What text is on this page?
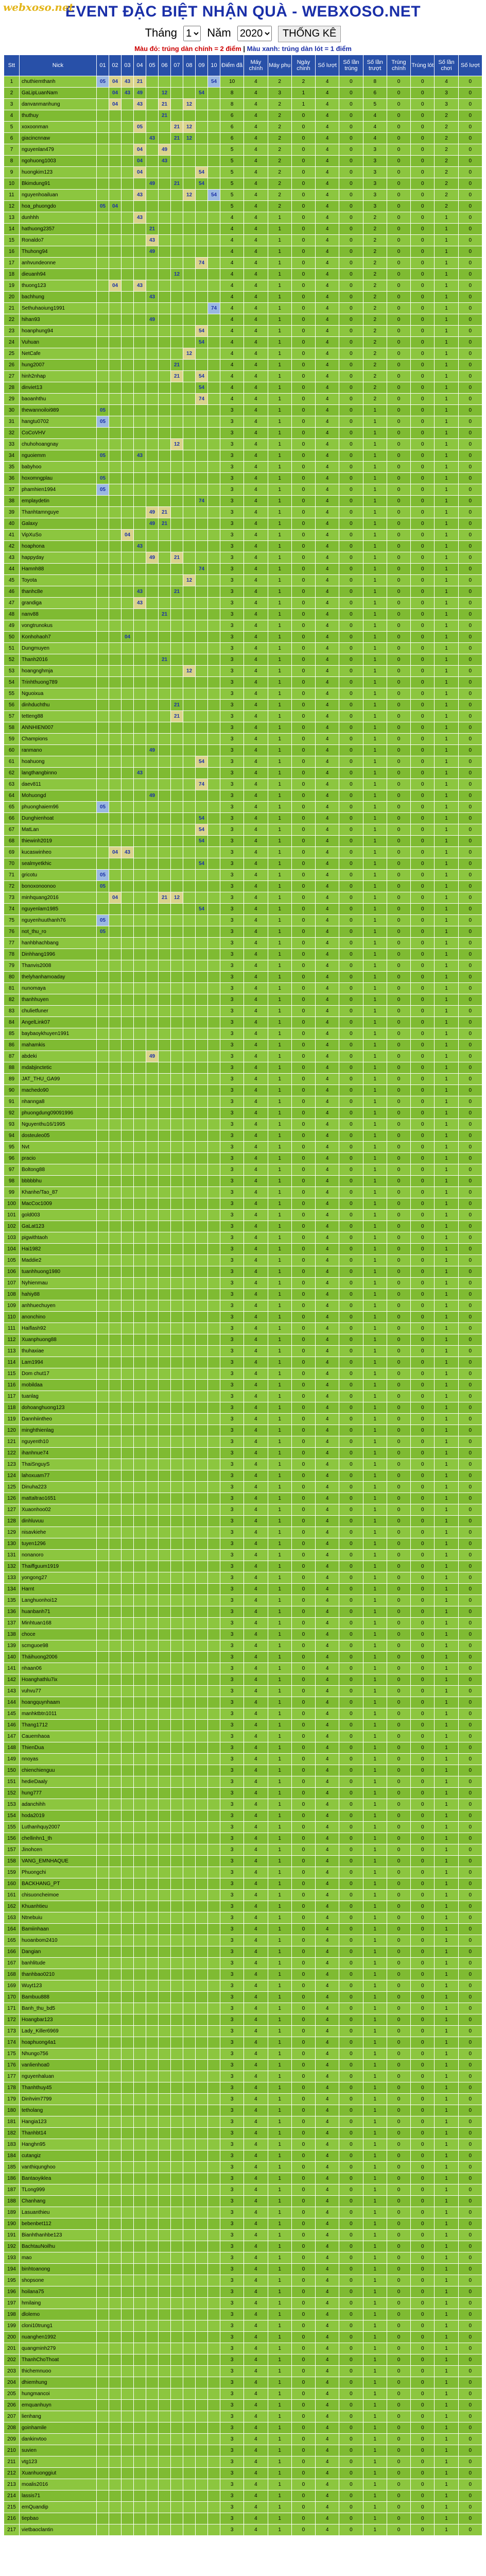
webxoso.net
EVENT ĐẶC BIỆT NHẬN QUÀ - WEBXOSO.NET
Tháng
1	Năm
2020	THỐNG KÊ
Màu đỏ: trúng dàn chính = 2 điểm | Màu xanh: trúng dàn lót = 1 điểm
Stt	Nick	01	02	03	04	05	06	07	08	09	10	Điểm đã	Máy chính	Máy phụ	Ngày chinh	Số lượt	Số lần trúng	Số lần trượt	Trúng chính	Trúng lót	Số lần chơi	Số lượt
1	chuthiemthanh	05	04	43	21						54	10	4	2	2	4	0	8	0	0	4	0
2	GaLipLuanNam		04	43	49		12			54		8	4	3	1	4	0	6	0	0	3	0
3	danvanmanhung		04		43		21		12			8	4	2	1	4	0	5	0	0	3	0
4	thuthuy						21					6	4	2	0	4	0	4	0	0	2	0
5	xoxoonman				05			21	12			6	4	2	0	4	0	4	0	0	2	0
6	giacincnnaw					43		21	12			6	4	2	0	4	0	4	0	0	2	0
7	nguyenlan479				04		49					5	4	2	0	4	0	3	0	0	2	0
8	ngohuong1003				04		43					5	4	2	0	4	0	3	0	0	2	0
9	huongkim123				04					54		5	4	2	0	4	0	3	0	0	2	0
10	Bkimdung91					49		21		54		5	4	2	0	4	0	3	0	0	2	0
11	nguyenhoailuan				43				12		54	5	4	2	0	4	0	3	0	0	2	0
12	hoa_phuongdo	05	04									5	4	2	0	4	0	3	0	0	2	0
13	dunhhh				43							4	4	1	0	4	0	2	0	0	1	0
14	hathuong2357					21						4	4	1	0	4	0	2	0	0	1	0
15	Ronaldo7					43						4	4	1	0	4	0	2	0	0	1	0
16	Thuhong94					49						4	4	1	0	4	0	2	0	0	1	0
17	anhvundeonne									74		4	4	1	0	4	0	2	0	0	1	0
18	dieuanh94							12				4	4	1	0	4	0	2	0	0	1	0
19	thuong123		04		43							4	4	1	0	4	0	2	0	0	1	0
20	bachhung					43						4	4	1	0	4	0	2	0	0	1	0
21	Sethuhaoiung1991										74	4	4	1	0	4	0	2	0	0	1	0
22	hihan93					49						4	4	1	0	4	0	2	0	0	1	0
23	hoanphung94									54		4	4	1	0	4	0	2	0	0	1	0
24	Vuhuan									54		4	4	1	0	4	0	2	0	0	1	0
25	NetCafe								12			4	4	1	0	4	0	2	0	0	1	0
26	hung2007							21				4	4	1	0	4	0	2	0	0	1	0
27	hinh2nhap							21		54		4	4	1	0	4	0	2	0	0	1	0
28	dinviet13									54		4	4	1	0	4	0	2	0	0	1	0
29	baoanhthu									74		4	4	1	0	4	0	2	0	0	1	0
30	thewannoiloi989	05										3	4	1	0	4	0	1	0	0	1	0
31	hangtu0702	05										3	4	1	0	4	0	1	0	0	1	0
32	CoCoVHV											3	4	1	0	4	0	1	0	0	1	0
33	chuhohoangnay							12				3	4	1	0	4	0	1	0	0	1	0
34	nguoiemm	05			43							3	4	1	0	4	0	1	0	0	1	0
35	babyhoo											3	4	1	0	4	0	1	0	0	1	0
36	hoxomngplau	05										3	4	1	0	4	0	1	0	0	1	0
37	phamhien1994	05										3	4	1	0	4	0	1	0	0	1	0
38	emplaydetin									74		3	4	1	0	4	0	1	0	0	1	0
39	Thanhtamnguye					49	21					3	4	1	0	4	0	1	0	0	1	0
40	Galaxy					49	21					3	4	1	0	4	0	1	0	0	1	0
41	VipXuSo			04								3	4	1	0	4	0	1	0	0	1	0
42	hoaphona				43							3	4	1	0	4	0	1	0	0	1	0
43	happyday					49		21				3	4	1	0	4	0	1	0	0	1	0
44	Hamnh88									74		3	4	1	0	4	0	1	0	0	1	0
45	Toyota								12			3	4	1	0	4	0	1	0	0	1	0
46	thanhc8e				43			21				3	4	1	0	4	0	1	0	0	1	0
47	grandiga				43							3	4	1	0	4	0	1	0	0	1	0
48	nanv88						21					3	4	1	0	4	0	1	0	0	1	0
49	vongtrunokus											3	4	1	0	4	0	1	0	0	1	0
50	Konhohaoh7			04								3	4	1	0	4	0	1	0	0	1	0
51	Dungmuyen											3	4	1	0	4	0	1	0	0	1	0
52	Thanh2016						21					3	4	1	0	4	0	1	0	0	1	0
53	hoangnghmja								12			3	4	1	0	4	0	1	0	0	1	0
54	Trinhthuong789											3	4	1	0	4	0	1	0	0	1	0
55	Nguoixua											3	4	1	0	4	0	1	0	0	1	0
56	dinhduchthu							21				3	4	1	0	4	0	1	0	0	1	0
57	tetteng88							21				3	4	1	0	4	0	1	0	0	1	0
58	ANNHIEN007											3	4	1	0	4	0	1	0	0	1	0
59	Champions											3	4	1	0	4	0	1	0	0	1	0
60	ranmano					49						3	4	1	0	4	0	1	0	0	1	0
61	hoahuong									54		3	4	1	0	4	0	1	0	0	1	0
62	langthangbinno				43							3	4	1	0	4	0	1	0	0	1	0
63	daev811									74		3	4	1	0	4	0	1	0	0	1	0
64	Mohuongd					49						3	4	1	0	4	0	1	0	0	1	0
65	phuonghaiem96	05										3	4	1	0	4	0	1	0	0	1	0
66	Dunghienhoat									54		3	4	1	0	4	0	1	0	0	1	0
67	MatLan									54		3	4	1	0	4	0	1	0	0	1	0
68	thiewinh2019									54		3	4	1	0	4	0	1	0	0	1	0
69	kucaswinheo		04	43								3	4	1	0	4	0	1	0	0	1	0
70	sealmyetkhic									54		3	4	1	0	4	0	1	0	0	1	0
71	gricotu	05										3	4	1	0	4	0	1	0	0	1	0
72	bonoxonoonoo	05										3	4	1	0	4	0	1	0	0	1	0
73	minhquang2016		04				21	12				3	4	1	0	4	0	1	0	0	1	0
74	nguyenlam1985									54		3	4	1	0	4	0	1	0	0	1	0
75	nguyenhuuthanh76	05										3	4	1	0	4	0	1	0	0	1	0
76	not_thu_ro	05										3	4	1	0	4	0	1	0	0	1	0
77	hanhbhachbang											3	4	1	0	4	0	1	0	0	1	0
78	Dinhhang1996											3	4	1	0	4	0	1	0	0	1	0
79	Thanvis2008											3	4	1	0	4	0	1	0	0	1	0
80	thelyhanhamoaday											3	4	1	0	4	0	1	0	0	1	0
81	nunomaya											3	4	1	0	4	0	1	0	0	1	0
82	thanhhuyen											3	4	1	0	4	0	1	0	0	1	0
83	chulietfuner											3	4	1	0	4	0	1	0	0	1	0
84	AngelLink07											3	4	1	0	4	0	1	0	0	1	0
85	baybaoykhuyen1991											3	4	1	0	4	0	1	0	0	1	0
86	mahamkis											3	4	1	0	4	0	1	0	0	1	0
87	abdeki					49						3	4	1	0	4	0	1	0	0	1	0
88	mdabjinctetic											3	4	1	0	4	0	1	0	0	1	0
89	JAT_THU_GA99											3	4	1	0	4	0	1	0	0	1	0
90	machedo90											3	4	1	0	4	0	1	0	0	1	0
91	nhannga8											3	4	1	0	4	0	1	0	0	1	0
92	phuongdung09091996											3	4	1	0	4	0	1	0	0	1	0
93	Nguyenthu16/1995											3	4	1	0	4	0	1	0	0	1	0
94	dosteuleo05											3	4	1	0	4	0	1	0	0	1	0
95	Nvt											3	4	1	0	4	0	1	0	0	1	0
96	pracio											3	4	1	0	4	0	1	0	0	1	0
97	Boltong88											3	4	1	0	4	0	1	0	0	1	0
98	bbbbbhu											3	4	1	0	4	0	1	0	0	1	0
99	Khanhe/Tao_87											3	4	1	0	4	0	1	0	0	1	0
100	MacCoc1009											3	4	1	0	4	0	1	0	0	1	0
101	gold003											3	4	1	0	4	0	1	0	0	1	0
102	GaLat123											3	4	1	0	4	0	1	0	0	1	0
103	pigwithtaoh											3	4	1	0	4	0	1	0	0	1	0
104	Hai1982											3	4	1	0	4	0	1	0	0	1	0
105	Maddie2											3	4	1	0	4	0	1	0	0	1	0
106	tuanhhuong1980											3	4	1	0	4	0	1	0	0	1	0
107	Nyhienmau											3	4	1	0	4	0	1	0	0	1	0
108	hahiy88											3	4	1	0	4	0	1	0	0	1	0
109	anhhuechuyen											3	4	1	0	4	0	1	0	0	1	0
110	anonchino											3	4	1	0	4	0	1	0	0	1	0
111	Haiflash92											3	4	1	0	4	0	1	0	0	1	0
112	Xuanphuong88											3	4	1	0	4	0	1	0	0	1	0
113	thuhaxiae											3	4	1	0	4	0	1	0	0	1	0
114	Lam1994											3	4	1	0	4	0	1	0	0	1	0
115	Dom chut17											3	4	1	0	4	0	1	0	0	1	0
116	mobildaa											3	4	1	0	4	0	1	0	0	1	0
117	tuanlag											3	4	1	0	4	0	1	0	0	1	0
118	dohoanghuong123											3	4	1	0	4	0	1	0	0	1	0
119	Dannhiintheo											3	4	1	0	4	0	1	0	0	1	0
120	minghthienlag											3	4	1	0	4	0	1	0	0	1	0
121	nguyenth10											3	4	1	0	4	0	1	0	0	1	0
122	ihanhnue74											3	4	1	0	4	0	1	0	0	1	0
123	ThaiSnguyS											3	4	1	0	4	0	1	0	0	1	0
124	lahoxuam77											3	4	1	0	4	0	1	0	0	1	0
125	Dinuha223											3	4	1	0	4	0	1	0	0	1	0
126	mattaltrao1651											3	4	1	0	4	0	1	0	0	1	0
127	Xuaonhoo02											3	4	1	0	4	0	1	0	0	1	0
128	dinhluvuu											3	4	1	0	4	0	1	0	0	1	0
129	nisavkiehe											3	4	1	0	4	0	1	0	0	1	0
130	tuyen1296											3	4	1	0	4	0	1	0	0	1	0
131	nonanoro											3	4	1	0	4	0	1	0	0	1	0
132	Thaiffguum1919											3	4	1	0	4	0	1	0	0	1	0
133	yongong27											3	4	1	0	4	0	1	0	0	1	0
134	Harnt											3	4	1	0	4	0	1	0	0	1	0
135	Langhuonhoi12											3	4	1	0	4	0	1	0	0	1	0
136	huanbanh71											3	4	1	0	4	0	1	0	0	1	0
137	Minhtuan168											3	4	1	0	4	0	1	0	0	1	0
138	choce											3	4	1	0	4	0	1	0	0	1	0
139	scmguoe98											3	4	1	0	4	0	1	0	0	1	0
140	Tháihuong2006											3	4	1	0	4	0	1	0	0	1	0
141	nhaan06											3	4	1	0	4	0	1	0	0	1	0
142	Hoanghathlu7ix											3	4	1	0	4	0	1	0	0	1	0
143	vuhvu77											3	4	1	0	4	0	1	0	0	1	0
144	hoangquynhaam											3	4	1	0	4	0	1	0	0	1	0
145	manhktbtn1011											3	4	1	0	4	0	1	0	0	1	0
146	Thang1712											3	4	1	0	4	0	1	0	0	1	0
147	Cauemhaoa											3	4	1	0	4	0	1	0	0	1	0
148	ThienDua											3	4	1	0	4	0	1	0	0	1	0
149	nnoyas											3	4	1	0	4	0	1	0	0	1	0
150	chienchienguu											3	4	1	0	4	0	1	0	0	1	0
151	hedieDaaly											3	4	1	0	4	0	1	0	0	1	0
152	hung777											3	4	1	0	4	0	1	0	0	1	0
153	adanchihh											3	4	1	0	4	0	1	0	0	1	0
154	hoda2019											3	4	1	0	4	0	1	0	0	1	0
155	Luthanhquy2007											3	4	1	0	4	0	1	0	0	1	0
156	chellinhn1_th											3	4	1	0	4	0	1	0	0	1	0
157	Jinohcen											3	4	1	0	4	0	1	0	0	1	0
158	VANG_EMNHAQUE											3	4	1	0	4	0	1	0	0	1	0
159	Phuongchi											3	4	1	0	4	0	1	0	0	1	0
160	BACKHANG_PT											3	4	1	0	4	0	1	0	0	1	0
161	chisuoncheimoe											3	4	1	0	4	0	1	0	0	1	0
162	Khuanhtieu											3	4	1	0	4	0	1	0	0	1	0
163	Ntnebuiu											3	4	1	0	4	0	1	0	0	1	0
164	Bamiinhaan											3	4	1	0	4	0	1	0	0	1	0
165	huoanbom2410											3	4	1	0	4	0	1	0	0	1	0
166	Dangian											3	4	1	0	4	0	1	0	0	1	0
167	banhlitude											3	4	1	0	4	0	1	0	0	1	0
168	thanhbao0210											3	4	1	0	4	0	1	0	0	1	0
169	Wuyt123											3	4	1	0	4	0	1	0	0	1	0
170	Bambuu888											3	4	1	0	4	0	1	0	0	1	0
171	Banh_thu_bd5											3	4	1	0	4	0	1	0	0	1	0
172	Hoangbar123											3	4	1	0	4	0	1	0	0	1	0
173	Lady_Killer6969											3	4	1	0	4	0	1	0	0	1	0
174	hoaphuong4a1											3	4	1	0	4	0	1	0	0	1	0
175	Nhungo756											3	4	1	0	4	0	1	0	0	1	0
176	vanlienhoa0											3	4	1	0	4	0	1	0	0	1	0
177	nguyenhaluan											3	4	1	0	4	0	1	0	0	1	0
178	Thanhthuy45											3	4	1	0	4	0	1	0	0	1	0
179	Dinhvim7799											3	4	1	0	4	0	1	0	0	1	0
180	tetholang											3	4	1	0	4	0	1	0	0	1	0
181	Hangia123											3	4	1	0	4	0	1	0	0	1	0
182	Thanhbt14											3	4	1	0	4	0	1	0	0	1	0
183	Hanghn95											3	4	1	0	4	0	1	0	0	1	0
184	cutangiz											3	4	1	0	4	0	1	0	0	1	0
185	vanthiqunghoo											3	4	1	0	4	0	1	0	0	1	0
186	Bantaoyiklea											3	4	1	0	4	0	1	0	0	1	0
187	TLong999											3	4	1	0	4	0	1	0	0	1	0
188	Chanhang											3	4	1	0	4	0	1	0	0	1	0
189	Lasuanthieu											3	4	1	0	4	0	1	0	0	1	0
190	bebenbet112											3	4	1	0	4	0	1	0	0	1	0
191	Bianhthanhbe123											3	4	1	0	4	0	1	0	0	1	0
192	BachtauNoilhu											3	4	1	0	4	0	1	0	0	1	0
193	mao											3	4	1	0	4	0	1	0	0	1	0
194	binhtoanong											3	4	1	0	4	0	1	0	0	1	0
195	shopsone											3	4	1	0	4	0	1	0	0	1	0
196	hoilana75											3	4	1	0	4	0	1	0	0	1	0
197	hmilaing											3	4	1	0	4	0	1	0	0	1	0
198	dlolemo											3	4	1	0	4	0	1	0	0	1	0
199	cloni10trung1											3	4	1	0	4	0	1	0	0	1	0
200	nuanghen1992											3	4	1	0	4	0	1	0	0	1	0
201	quangminh279											3	4	1	0	4	0	1	0	0	1	0
202	ThanhChoThoat											3	4	1	0	4	0	1	0	0	1	0
203	thichemnuoo											3	4	1	0	4	0	1	0	0	1	0
204	dhiemhung											3	4	1	0	4	0	1	0	0	1	0
205	hungmancoi											3	4	1	0	4	0	1	0	0	1	0
206	emquanhuyn											3	4	1	0	4	0	1	0	0	1	0
207	lienhang											3	4	1	0	4	0	1	0	0	1	0
208	goinhamile											3	4	1	0	4	0	1	0	0	1	0
209	dankinvtoo											3	4	1	0	4	0	1	0	0	1	0
210	suvien											3	4	1	0	4	0	1	0	0	1	0
211	vtg123											3	4	1	0	4	0	1	0	0	1	0
212	Xuanhuonggiut											3	4	1	0	4	0	1	0	0	1	0
213	moalis2016											3	4	1	0	4	0	1	0	0	1	0
214	lassis71											3	4	1	0	4	0	1	0	0	1	0
215	emQuandip											3	4	1	0	4	0	1	0	0	1	0
216	tiepbao											3	4	1	0	4	0	1	0	0	1	0
217	vietbaoclantin											3	4	1	0	4	0	1	0	0	1	0
